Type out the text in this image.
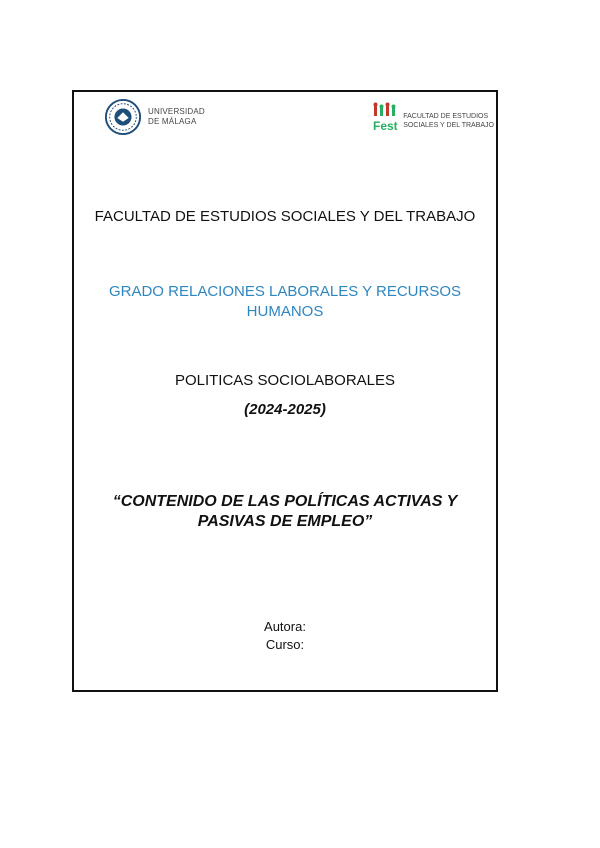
UNIVERSIDAD
DE MÁLAGA	Fest
FACULTAD DE ESTUDIOS
SOCIALES Y DEL TRABAJO
FACULTAD DE ESTUDIOS SOCIALES Y DEL TRABAJO
GRADO RELACIONES LABORALES Y RECURSOS
HUMANOS
POLITICAS SOCIOLABORALES
(2024-2025)
“CONTENIDO DE LAS POLÍTICAS ACTIVAS Y
PASIVAS DE EMPLEO”
Autora:
Curso:
